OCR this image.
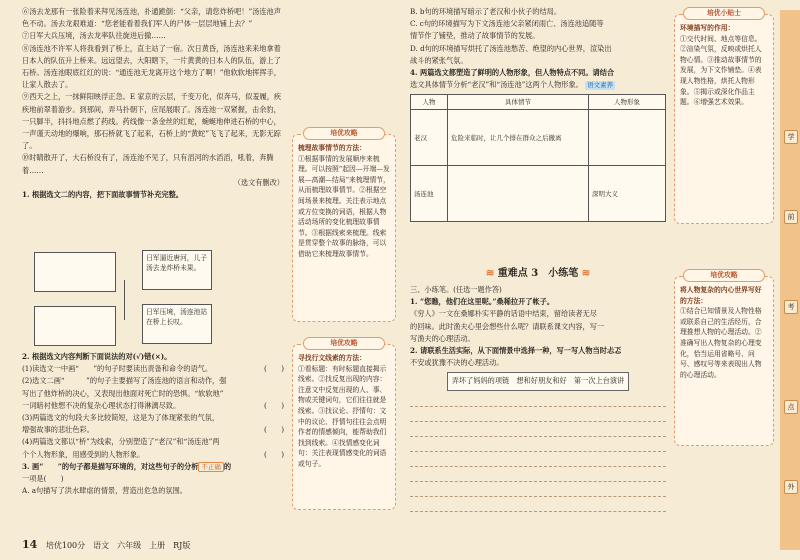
⑥汤去龙那有一张险着来拜见汤连池，扑通跪倒：“父亲，请您炸桥吧！”汤连池声色不动。汤去龙艰难道：“您老能看着我们军人的尸体一层层地铺上去？”

⑦日军大兵压境，汤去龙率队往旋进后撤……

⑧汤连池不许军人将我看到了桥上，直主站了一宿。次日黄昏，汤连池来来地拿着日本人的队伍升上桥来。远远望去，大阳瞎下，一片黄黄的日本人的队伍，游上了石桥。汤连池眼底红红的说：“通连池无龙离开这个地方了啊！”他软软地挥挥手，让家人散去了。

⑨西天之上，一抹鲜阳映浮正急。E 家京的云层，千变万化，似奔马，似羞履，疾疾地前翠着游步。到那间，弄马扑朝下，应尾展眼了。汤连池一双紧握，击余豹，一只脚半，抖抖地点燃了药线。药线像一条金丝的红蛇，蜿蜒地伸进石桥的中心，一声谨天动地的爆响，那石桥就飞了起来，石桥上的“黄蛇”飞飞了起来，无影无踪了。

⑩时睛散开了，大石桥没有了，汤连池不见了，只有滔河的水滔滔，吼着，奔腾着……

（选文有删改）

1. 根据选文二的内容，把下面故事情节补充完整。

日军逼近唐河，儿子汤去龙炸桥未果。
日军压境，汤连池站在桥上长叹。

2. 根据选文内容判断下面说法的对(√)错(×)。

(1)读选文一中画“　　”的句子时要读出责备和命令的语气。	(　　)

(2)选文二画“　　　”的句子主要描写了汤连池的语言和动作，强

写出了他炸桥的决心，又表现出他面对死亡时的恐惧。“软软地”

一词暗衬他想不决的复杂心理状态打得淋漓尽致。	(　　)

(3)两篇选文的句段大多比较简短，这是为了体现紧张的气氛，

增强故事的悲壮色彩。	(　　)

(4)两篇选文都以“桥”为线索，分别塑造了“老汉”和“汤连池”两

个个人物形象，用感受到的人物形象。	(　　)

3. 画“　　”的句子都是描写环境的，对这些句子的分析 不正确 的

一项是(　　)

A. a句描写了洪水肆虐的情景，营造出危急的氛围。

14 培优100分　语文　六年级　上册　RJ版
培优攻略
梳理故事情节的方法：
①根据事情的发展顺序来梳理。可以按照“起因—开端—发展—高潮—结局”来梳理情节，从而梳理故事情节。②根据空间场景来梳理。关注表示地点或方位变换的词语，根据人物活动场所的变化梳理故事情节。③根据线索来梳理。线索是贯穿整个故事的脉络，可以借助它来梳理故事情节。
培优攻略
寻找行文线索的方法：
①看标题：有时标题直接揭示线索。②找反复出现的内容：注意文中反复出现的人、事、物或关键词句，它们往往就是线索。③找议论、抒情句：文中的议论、抒情句往往会点明作者的情感倾向，能帮助我们找到线索。④找情感变化词句：关注表现情感变化的词语或句子。

B. b句的环境描写暗示了老汉和小伙子的结局。

C. c句的环境描写为下文汤连池父亲紧闭雨亡、汤连池追随等

情节作了铺垫，推动了故事情节的发展。

D. d句的环境描写烘托了汤连池愁苦、绝望的内心世界，渲染出

战斗的紧张气氛。

4. 两篇选文都塑造了鲜明的人物形象，但人物特点不同。请结合

选文具体情节分析“老汉”和“汤连池”这两个人物形象。 语文素养

人物	具体情节	人物形象
老汉	危险来临时，让几个排在群众之后撤离	
汤连池		深明大义
≋ 重难点 3　小练笔 ≋

三、小练笔。(任选一题作答)

1. “您瞧，他们在这里呢。”桑稀拉开了帐子。

《穷人》一文在桑娜朴实平静的话语中结束，留给读者无尽

的回味。此时渔夫心里会想些什么呢？请联系课文内容，写一

写渔夫的心理活动。

2. 请联系生活实际，从下面情景中选择一种，写一写人物当时忐忑

不安或犹豫不决的心理活动。

弄坏了妈妈的项链　想和好朋友和好　第一次上台演讲
培优小贴士
环境描写的作用：
①交代时间、地点等信息。②渲染气氛，反映或烘托人物心情。③推动故事情节的发展，为下文作铺垫。④表现人物性格，烘托人物形象。⑤揭示或深化作品主题。⑥增强艺术效果。
培优攻略
将人物复杂的内心世界写好的方法：
①结合已知情景及人物性格或联系自己的生活经历，合理推想人物的心理活动。②准确写出人物复杂的心理变化，恰当运用省略号、问号、感叹号等来表现出人物的心理活动。
学
前
考
点
外
